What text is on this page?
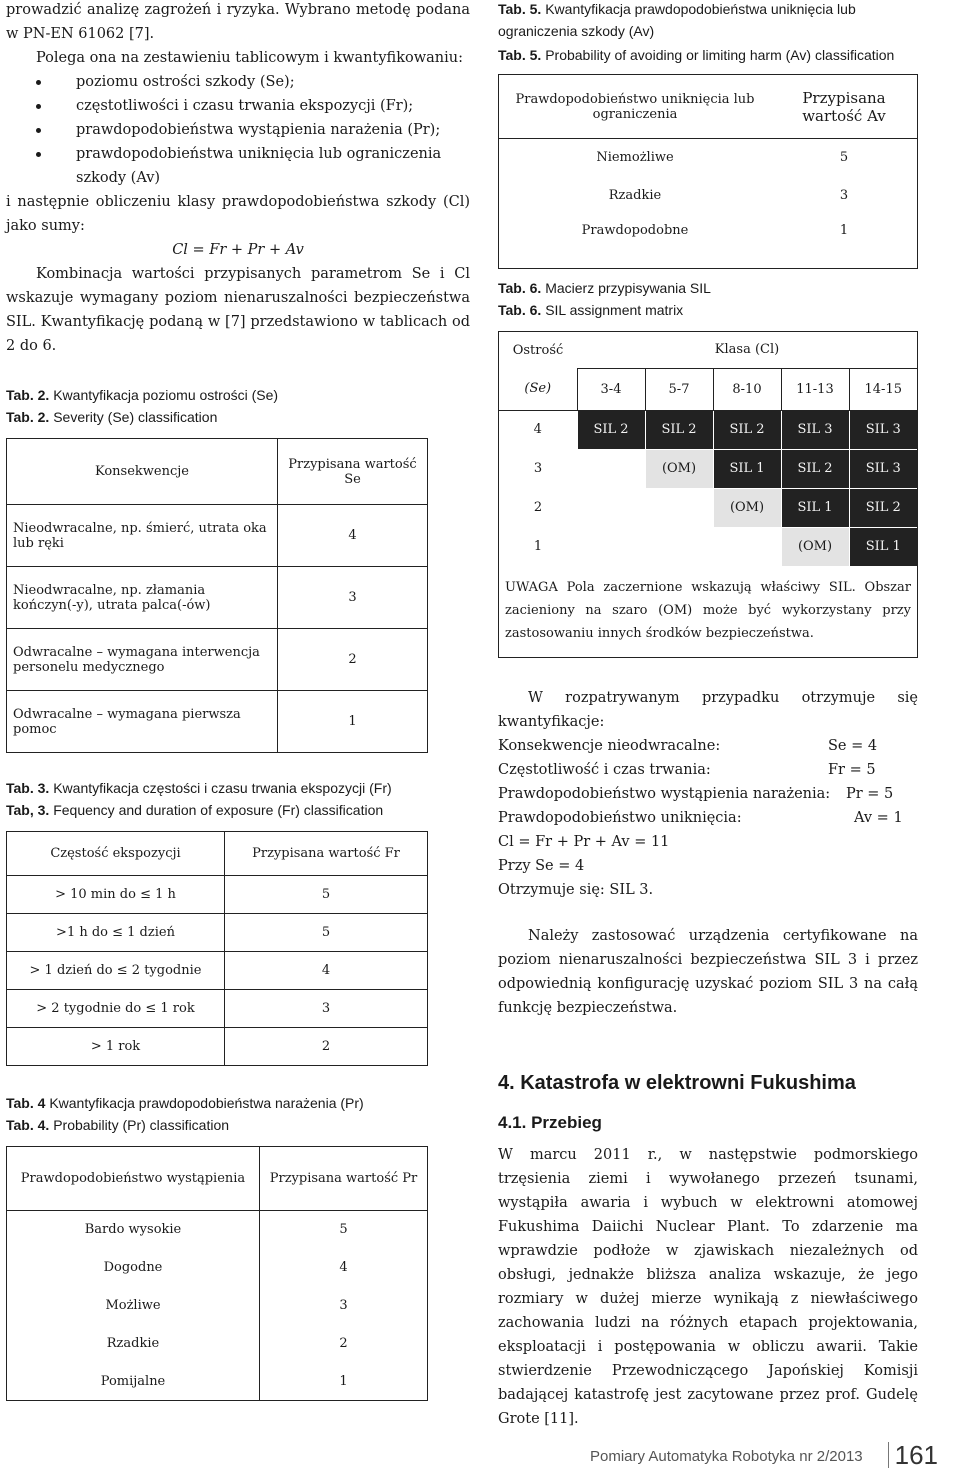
prowadzić analizę zagrożeń i ryzyka. Wybrano metodę podana w PN-EN 61062 [7].

Polega ona na zestawieniu tablicowym i kwantyfikowaniu:

poziomu ostrości szkody (Se);
częstotliwości i czasu trwania ekspozycji (Fr);
prawdopodobieństwa wystąpienia narażenia (Pr);
prawdopodobieństwa uniknięcia lub ograniczenia szkody (Av)

i następnie obliczeniu klasy prawdopodobieństwa szkody (Cl) jako sumy:

Cl = Fr + Pr + Av

Kombinacja wartości przypisanych parametrom Se i Cl wskazuje wymagany poziom nienaruszalności bezpieczeństwa SIL. Kwantyfikację podaną w [7] przedstawiono w tablicach od 2 do 6.

Tab. 2. Kwantyfikacja poziomu ostrości (Se)

Tab. 2. Severity (Se) classification

Konsekwencje	Przypisana wartość Se
Nieodwracalne, np. śmierć, utrata oka lub ręki	4
Nieodwracalne, np. złamania kończyn(-y), utrata palca(-ów)	3
Odwracalne – wymagana interwencja personelu medycznego	2
Odwracalne – wymagana pierwsza pomoc	1

Tab. 3. Kwantyfikacja częstości i czasu trwania ekspozycji (Fr)

Tab, 3. Fequency and duration of exposure (Fr) classification

Częstość ekspozycji	Przypisana wartość Fr
> 10 min do ≤ 1 h	5
>1 h do ≤ 1 dzień	5
> 1 dzień do ≤ 2 tygodnie	4
> 2 tygodnie do ≤ 1 rok	3
> 1 rok	2

Tab. 4 Kwantyfikacja prawdopodobieństwa narażenia (Pr)

Tab. 4. Probability (Pr) classification

Prawdopodobieństwo wystąpienia	Przypisana wartość Pr
Bardo wysokie	5
Dogodne	4
Możliwe	3
Rzadkie	2
Pomijalne	1

Tab. 5. Kwantyfikacja prawdopodobieństwa uniknięcia lub ograniczenia szkody (Av)

Tab. 5. Probability of avoiding or limiting harm (Av) classification

Prawdopodobieństwo uniknięcia lub ograniczenia	Przypisana wartość Av
Niemożliwe	5
Rzadkie	3
Prawdopodobne	1

Tab. 6. Macierz przypisywania SIL

Tab. 6. SIL assignment matrix

Ostrość	Klasa (Cl)				
(Se)	3-4	5-7	8-10	11-13	14-15
4	SIL 2	SIL 2	SIL 2	SIL 3	SIL 3
3		(OM)	SIL 1	SIL 2	SIL 3
2			(OM)	SIL 1	SIL 2
1				(OM)	SIL 1

UWAGA Pola zaczernione wskazują właściwy SIL. Obszar zacieniony na szaro (OM) może być wykorzystany przy zastosowaniu innych środków bezpieczeństwa.

W rozpatrywanym przypadku otrzymuje się kwantyfikacje:

Konsekwencje nieodwracalne:	Se = 4
Częstotliwość i czas trwania:	Fr = 5
Prawdopodobieństwo wystąpienia narażenia: Pr = 5
Prawdopodobieństwo uniknięcia:	Av = 1
Cl = Fr + Pr + Av = 11
Przy Se = 4
Otrzymuje się: SIL 3.

Należy zastosować urządzenia certyfikowane na poziom nienaruszalności bezpieczeństwa SIL 3 i przez odpowiednią konfigurację uzyskać poziom SIL 3 na całą funkcję bezpieczeństwa.

4. Katastrofa w elektrowni Fukushima
4.1. Przebieg

W marcu 2011 r., w następstwie podmorskiego trzęsienia ziemi i wywołanego przezeń tsunami, wystąpiła awaria i wybuch w elektrowni atomowej Fukushima Daiichi Nuclear Plant. To zdarzenie ma wprawdzie podłoże w zjawiskach niezależnych od obsługi, jednakże bliższa analiza wskazuje, że jego rozmiary w dużej mierze wynikają z niewłaściwego zachowania ludzi na różnych etapach projektowania, eksploatacji i postępowania w obliczu awarii. Takie stwierdzenie Przewodniczącego Japońskiej Komisji badającej katastrofę jest zacytowane przez prof. Gudelę Grote [11].

Pomiary Automatyka Robotyka nr 2/2013 161
